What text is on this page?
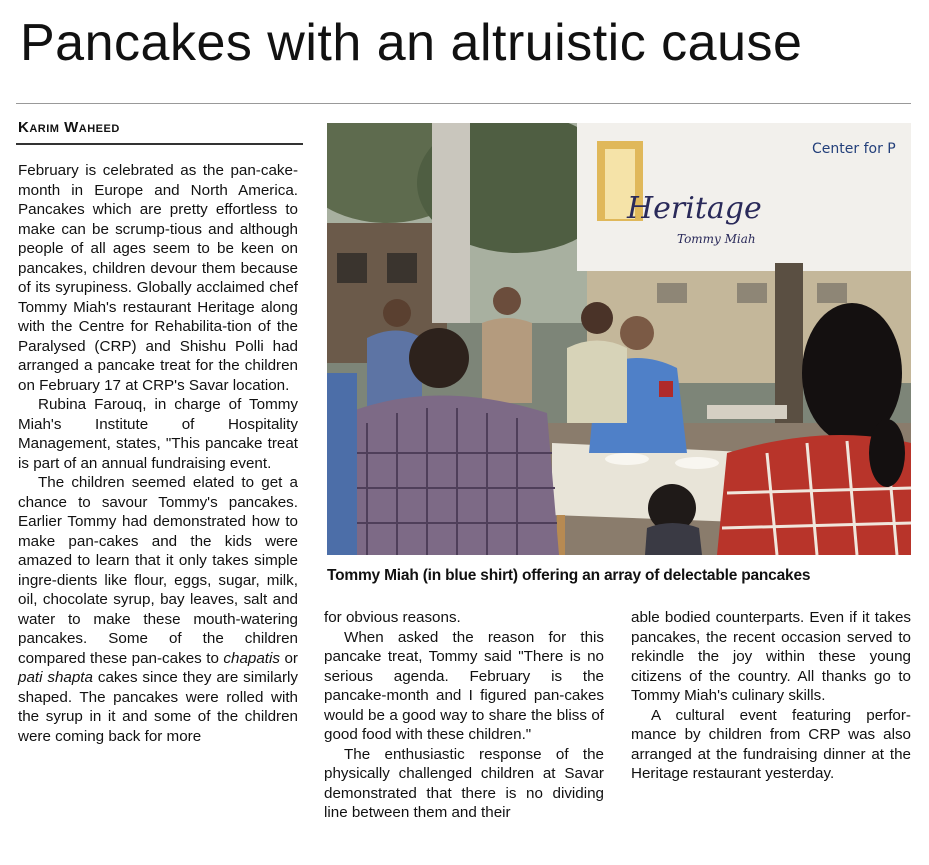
Pancakes with an altruistic cause
Karim Waheed

February is celebrated as the pan-cake-month in Europe and North America. Pancakes which are pretty effortless to make can be scrump-tious and although people of all ages seem to be keen on pancakes, children devour them because of its syrupiness. Globally acclaimed chef Tommy Miah's restaurant Heritage along with the Centre for Rehabilita-tion of the Paralysed (CRP) and Shishu Polli had arranged a pancake treat for the children on February 17 at CRP's Savar location.

Rubina Farouq, in charge of Tommy Miah's Institute of Hospitality Management, states, "This pancake treat is part of an annual fundraising event.

The children seemed elated to get a chance to savour Tommy's pancakes. Earlier Tommy had demonstrated how to make pan-cakes and the kids were amazed to learn that it only takes simple ingre-dients like flour, eggs, sugar, milk, oil, chocolate syrup, bay leaves, salt and water to make these mouth-watering pancakes. Some of the children compared these pan-cakes to chapatis or pati shapta cakes since they are similarly shaped. The pancakes were rolled with the syrup in it and some of the children were coming back for more

Heritage
Tommy Miah
Center for P
Tommy Miah (in blue shirt) offering an array of delectable pancakes

for obvious reasons.

When asked the reason for this pancake treat, Tommy said "There is no serious agenda. February is the pancake-month and I figured pan-cakes would be a good way to share the bliss of good food with these children."

The enthusiastic response of the physically challenged children at Savar demonstrated that there is no dividing line between them and their

able bodied counterparts. Even if it takes pancakes, the recent occasion served to rekindle the joy within these young citizens of the country. All thanks go to Tommy Miah's culinary skills.

A cultural event featuring perfor-mance by children from CRP was also arranged at the fundraising dinner at the Heritage restaurant yesterday.
